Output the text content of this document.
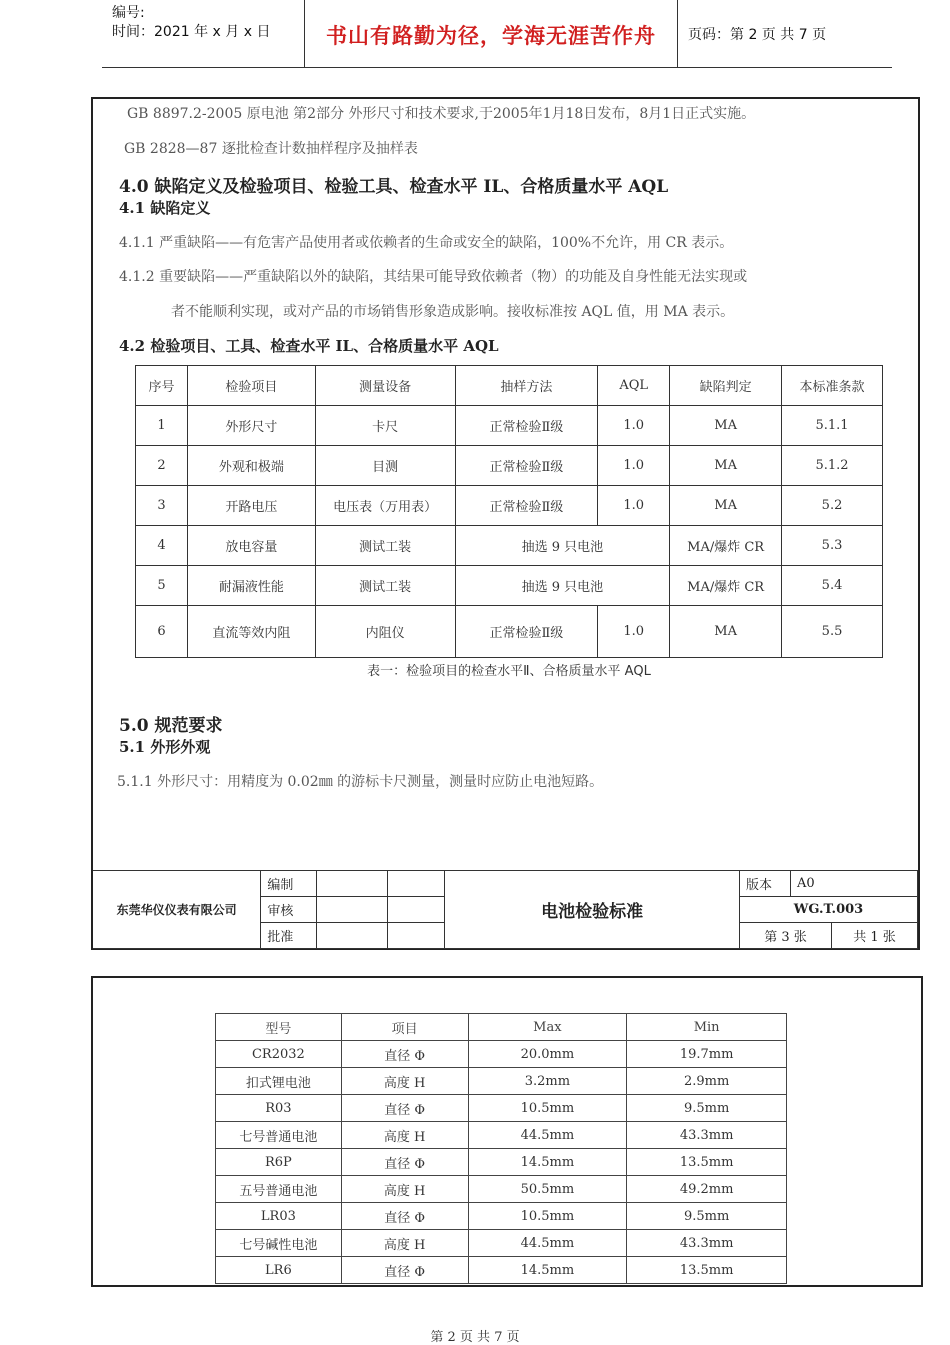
编号:
时间：2021 年 x 月 x 日	书山有路勤为径，学海无涯苦作舟	页码：第 2 页 共 7 页
GB 8897.2-2005 原电池 第2部分 外形尺寸和技术要求,于2005年1月18日发布，8月1日正式实施。
GB 2828—87 逐批检查计数抽样程序及抽样表
4.0 缺陷定义及检验项目、检验工具、检查水平 IL、合格质量水平 AQL
4.1 缺陷定义
4.1.1 严重缺陷——有危害产品使用者或依赖者的生命或安全的缺陷，100%不允许，用 CR 表示。
4.1.2 重要缺陷——严重缺陷以外的缺陷，其结果可能导致依赖者（物）的功能及自身性能无法实现或
者不能顺利实现，或对产品的市场销售形象造成影响。接收标准按 AQL 值，用 MA 表示。
4.2 检验项目、工具、检查水平 IL、合格质量水平 AQL
序号	检验项目	测量设备	抽样方法	AQL	缺陷判定	本标准条款
1	外形尺寸	卡尺	正常检验Ⅱ级	1.0	MA	5.1.1
2	外观和极端	目测	正常检验Ⅱ级	1.0	MA	5.1.2
3	开路电压	电压表（万用表）	正常检验Ⅱ级	1.0	MA	5.2
4	放电容量	测试工装	抽选 9 只电池		MA/爆炸 CR	5.3
5	耐漏液性能	测试工装	抽选 9 只电池		MA/爆炸 CR	5.4
6	直流等效内阻	内阻仪	正常检验Ⅱ级	1.0	MA	5.5
表一：检验项目的检查水平Ⅱ、合格质量水平 AQL
5.0 规范要求
5.1 外形外观
5.1.1 外形尺寸：用精度为 0.02㎜ 的游标卡尺测量，测量时应防止电池短路。
东莞华仪仪表有限公司	编制			电池检验标准	版本	A0	
	审核				WG.T.003		
	批准				第 3 张		共 1 张
型号	项目	Max	Min
CR2032	直径 Φ	20.0mm	19.7mm
扣式锂电池	高度 H	3.2mm	2.9mm
R03	直径 Φ	10.5mm	9.5mm
七号普通电池	高度 H	44.5mm	43.3mm
R6P	直径 Φ	14.5mm	13.5mm
五号普通电池	高度 H	50.5mm	49.2mm
LR03	直径 Φ	10.5mm	9.5mm
七号碱性电池	高度 H	44.5mm	43.3mm
LR6	直径 Φ	14.5mm	13.5mm
第 2 页 共 7 页
